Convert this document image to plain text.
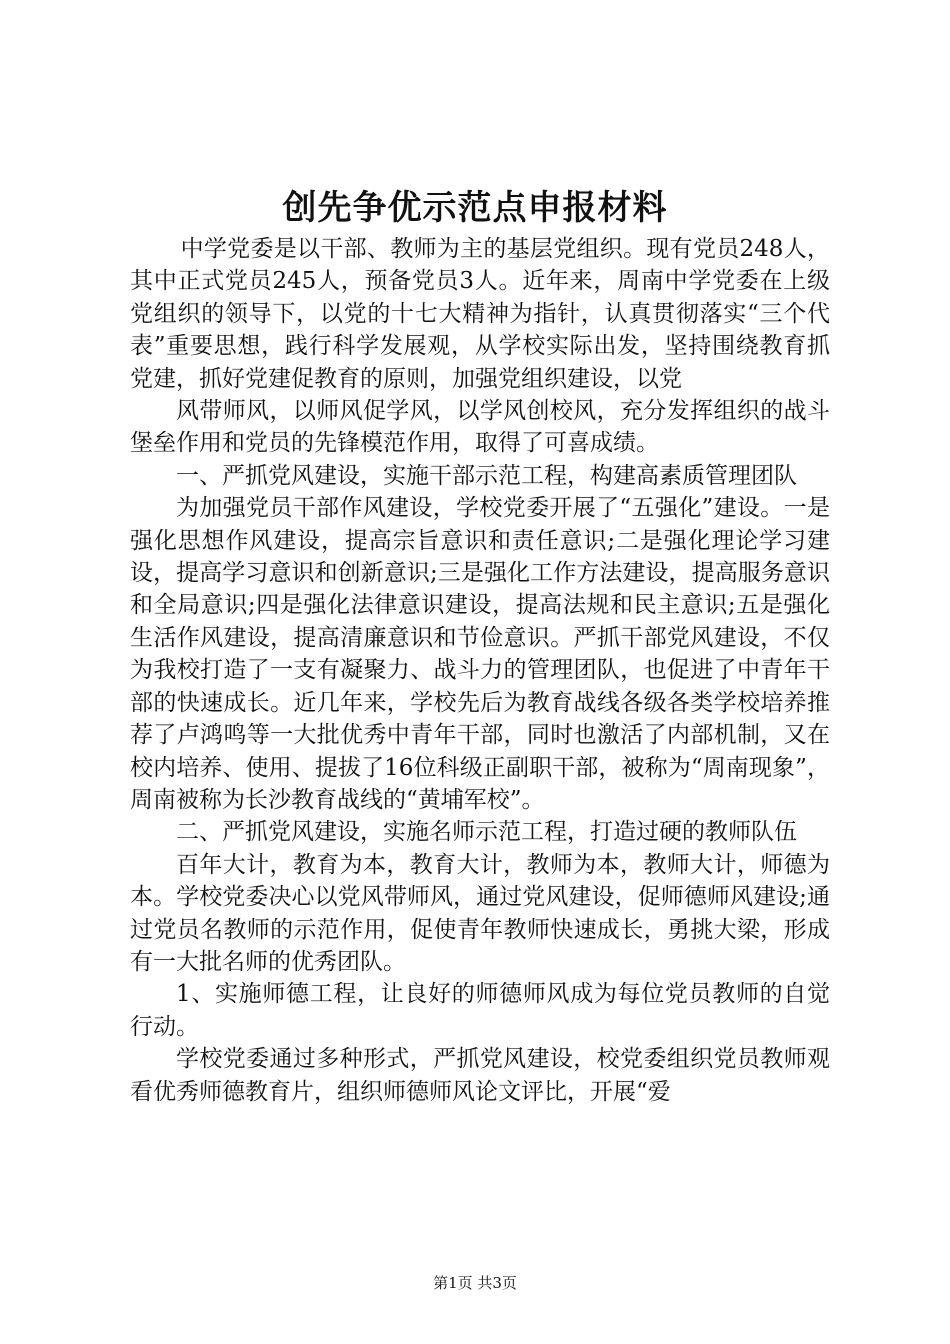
创先争优示范点申报材料

中学党委是以干部、教师为主的基层党组织。现有党员248人，其中正式党员245人，预备党员3人。近年来，周南中学党委在上级党组织的领导下，以党的十七大精神为指针，认真贯彻落实“三个代表”重要思想，践行科学发展观，从学校实际出发，坚持围绕教育抓党建，抓好党建促教育的原则，加强党组织建设，以党

风带师风，以师风促学风，以学风创校风，充分发挥组织的战斗堡垒作用和党员的先锋模范作用，取得了可喜成绩。

一、严抓党风建设，实施干部示范工程，构建高素质管理团队

为加强党员干部作风建设，学校党委开展了“五强化”建设。一是强化思想作风建设，提高宗旨意识和责任意识;二是强化理论学习建设，提高学习意识和创新意识;三是强化工作方法建设，提高服务意识和全局意识;四是强化法律意识建设，提高法规和民主意识;五是强化生活作风建设，提高清廉意识和节俭意识。严抓干部党风建设，不仅为我校打造了一支有凝聚力、战斗力的管理团队，也促进了中青年干部的快速成长。近几年来，学校先后为教育战线各级各类学校培养推荐了卢鸿鸣等一大批优秀中青年干部，同时也激活了内部机制，又在校内培养、使用、提拔了16位科级正副职干部，被称为“周南现象”，周南被称为长沙教育战线的“黄埔军校”。

二、严抓党风建设，实施名师示范工程，打造过硬的教师队伍

百年大计，教育为本，教育大计，教师为本，教师大计，师德为本。学校党委决心以党风带师风，通过党风建设，促师德师风建设;通过党员名教师的示范作用，促使青年教师快速成长，勇挑大梁，形成有一大批名师的优秀团队。

1、实施师德工程，让良好的师德师风成为每位党员教师的自觉行动。

学校党委通过多种形式，严抓党风建设，校党委组织党员教师观看优秀师德教育片，组织师德师风论文评比，开展“爱

第1页 共3页
